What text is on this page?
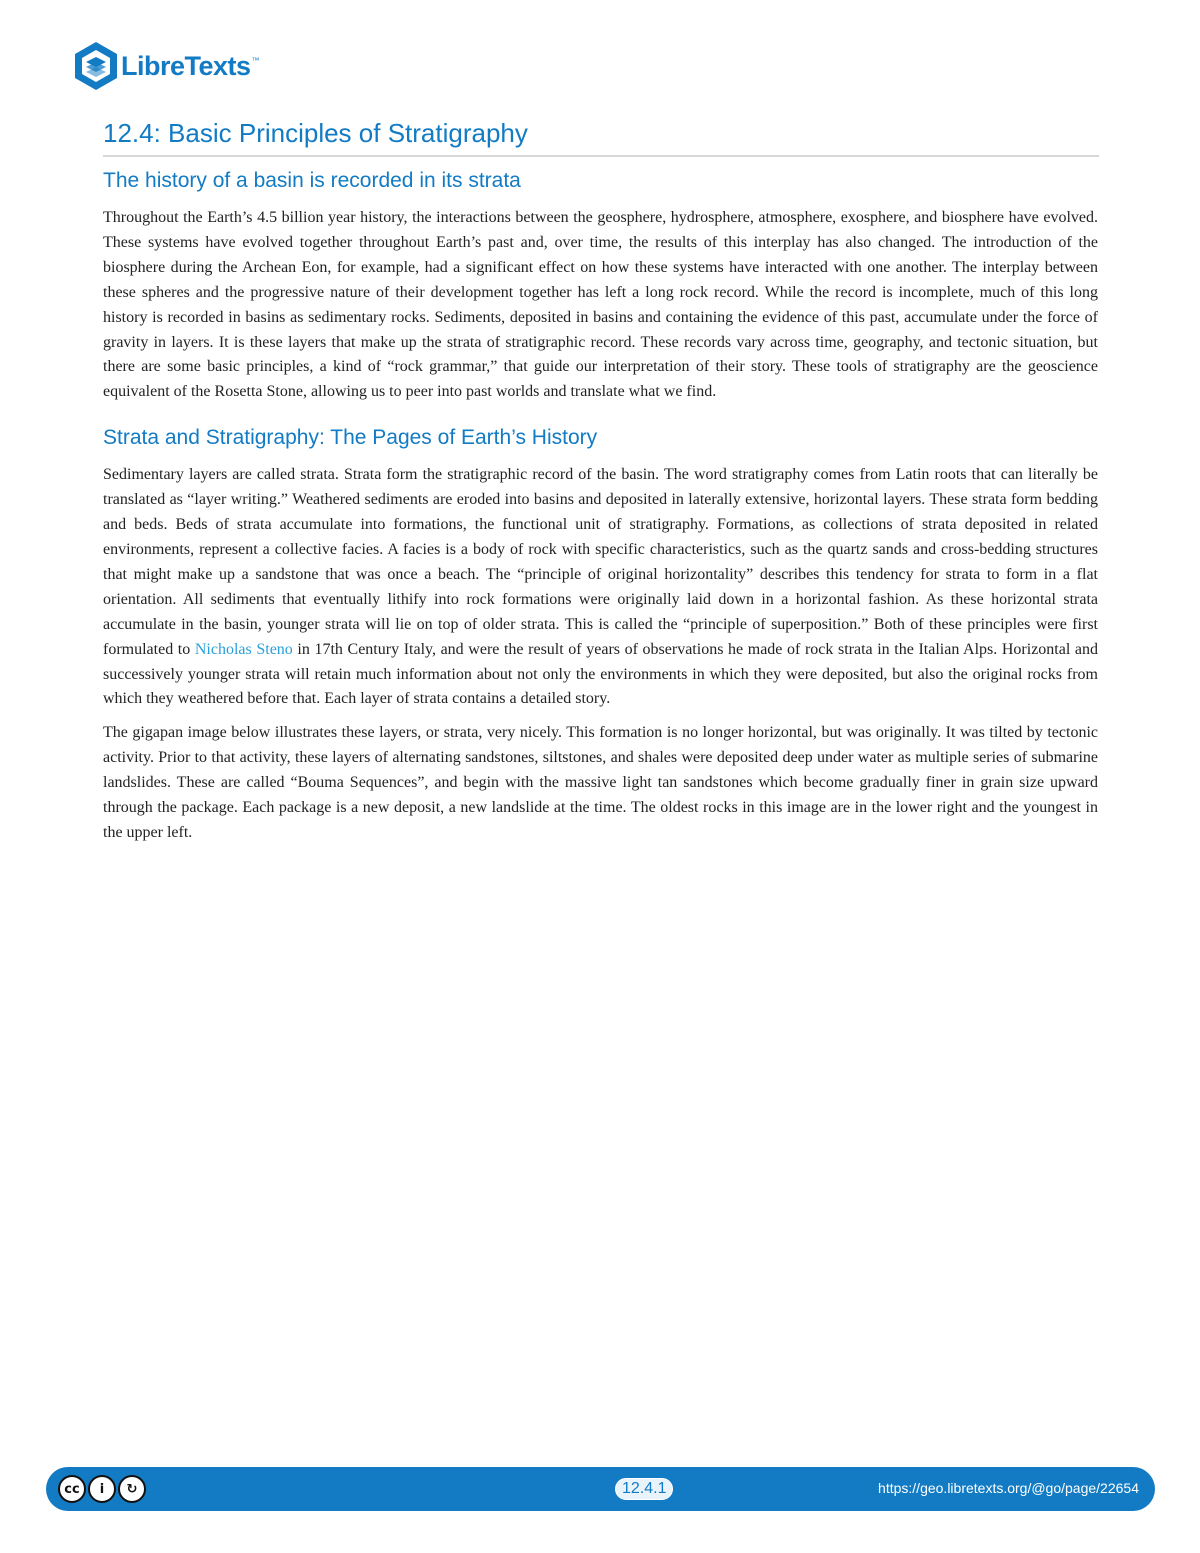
LibreTexts ™
12.4: Basic Principles of Stratigraphy
The history of a basin is recorded in its strata

Throughout the Earth’s 4.5 billion year history, the interactions between the geosphere, hydrosphere, atmosphere, exosphere, and biosphere have evolved. These systems have evolved together throughout Earth’s past and, over time, the results of this interplay has also changed. The introduction of the biosphere during the Archean Eon, for example, had a significant effect on how these systems have interacted with one another. The interplay between these spheres and the progressive nature of their development together has left a long rock record. While the record is incomplete, much of this long history is recorded in basins as sedimentary rocks. Sediments, deposited in basins and containing the evidence of this past, accumulate under the force of gravity in layers. It is these layers that make up the strata of stratigraphic record. These records vary across time, geography, and tectonic situation, but there are some basic principles, a kind of “rock grammar,” that guide our interpretation of their story. These tools of stratigraphy are the geoscience equivalent of the Rosetta Stone, allowing us to peer into past worlds and translate what we find.

Strata and Stratigraphy: The Pages of Earth’s History

Sedimentary layers are called strata. Strata form the stratigraphic record of the basin. The word stratigraphy comes from Latin roots that can literally be translated as “layer writing.” Weathered sediments are eroded into basins and deposited in laterally extensive, horizontal layers. These strata form bedding and beds. Beds of strata accumulate into formations, the functional unit of stratigraphy. Formations, as collections of strata deposited in related environments, represent a collective facies. A facies is a body of rock with specific characteristics, such as the quartz sands and cross-bedding structures that might make up a sandstone that was once a beach. The “principle of original horizontality” describes this tendency for strata to form in a flat orientation. All sediments that eventually lithify into rock formations were originally laid down in a horizontal fashion. As these horizontal strata accumulate in the basin, younger strata will lie on top of older strata. This is called the “principle of superposition.” Both of these principles were first formulated to Nicholas Steno in 17th Century Italy, and were the result of years of observations he made of rock strata in the Italian Alps. Horizontal and successively younger strata will retain much information about not only the environments in which they were deposited, but also the original rocks from which they weathered before that. Each layer of strata contains a detailed story.

The gigapan image below illustrates these layers, or strata, very nicely. This formation is no longer horizontal, but was originally. It was tilted by tectonic activity. Prior to that activity, these layers of alternating sandstones, siltstones, and shales were deposited deep under water as multiple series of submarine landslides. These are called “Bouma Sequences”, and begin with the massive light tan sandstones which become gradually finer in grain size upward through the package. Each package is a new deposit, a new landslide at the time. The oldest rocks in this image are in the lower right and the youngest in the upper left.

cc	i	↻	12.4.1	https://geo.libretexts.org/@go/page/22654
